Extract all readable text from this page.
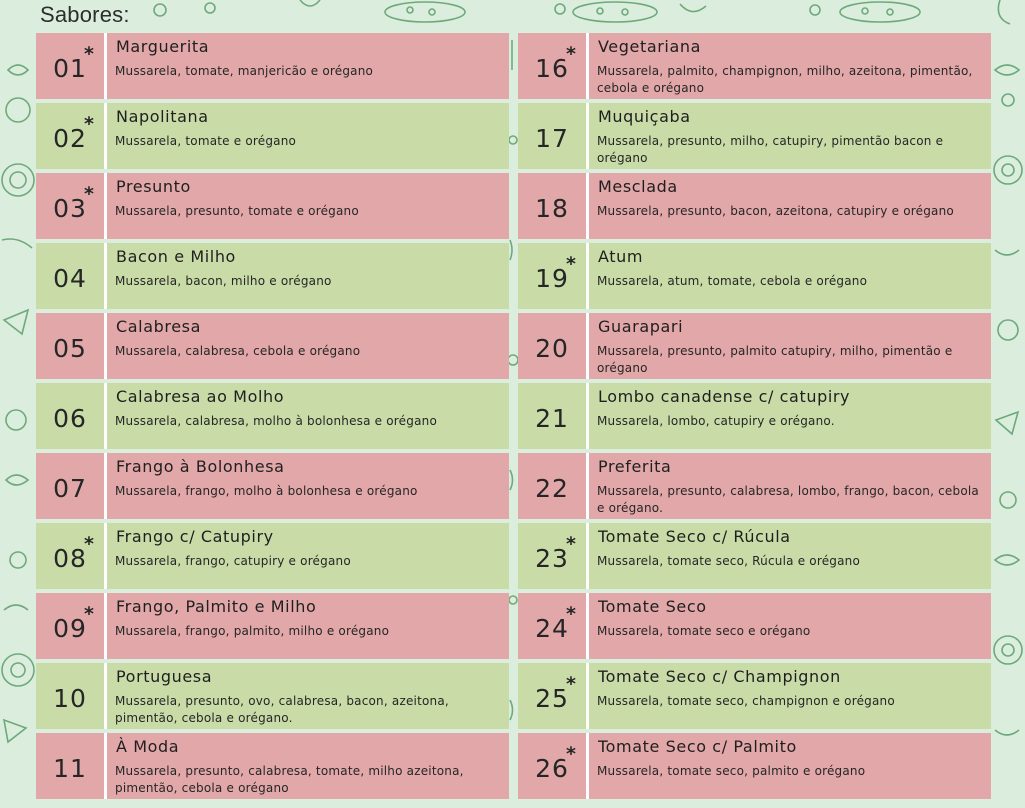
Sabores:
01
* Marguerita
Mussarela, tomate, manjericão e orégano
02
* Napolitana
Mussarela, tomate e orégano
03
* Presunto
Mussarela, presunto, tomate e orégano
04
Bacon e Milho
Mussarela, bacon, milho e orégano
05
Calabresa
Mussarela, calabresa, cebola e orégano
06
Calabresa ao Molho
Mussarela, calabresa, molho à bolonhesa e orégano
07
Frango à Bolonhesa
Mussarela, frango, molho à bolonhesa e orégano
08
* Frango c/ Catupiry
Mussarela, frango, catupiry e orégano
09
* Frango, Palmito e Milho
Mussarela, frango, palmito, milho e orégano
10
Portuguesa
Mussarela, presunto, ovo, calabresa, bacon, azeitona, pimentão, cebola e orégano.
11
À Moda
Mussarela, presunto, calabresa, tomate, milho azeitona, pimentão, cebola e orégano
16
* Vegetariana
Mussarela, palmito, champignon, milho, azeitona, pimentão, cebola e orégano
17
Muquiçaba
Mussarela, presunto, milho, catupiry, pimentão bacon e orégano
18
Mesclada
Mussarela, presunto, bacon, azeitona, catupiry e orégano
19
* Atum
Mussarela, atum, tomate, cebola e orégano
20
Guarapari
Mussarela, presunto, palmito catupiry, milho, pimentão e orégano
21
Lombo canadense c/ catupiry
Mussarela, lombo, catupiry e orégano.
22
Preferita
Mussarela, presunto, calabresa, lombo, frango, bacon, cebola e orégano.
23
* Tomate Seco c/ Rúcula
Mussarela, tomate seco, Rúcula e orégano
24
* Tomate Seco
Mussarela, tomate seco e orégano
25
* Tomate Seco c/ Champignon
Mussarela, tomate seco, champignon e orégano
26
* Tomate Seco c/ Palmito
Mussarela, tomate seco, palmito e orégano
